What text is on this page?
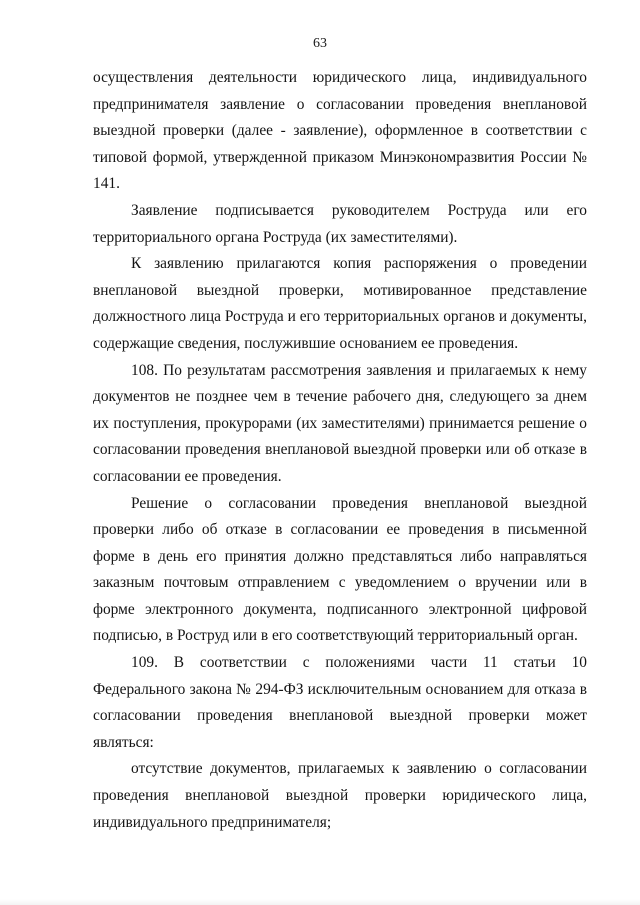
63

осуществления деятельности юридического лица, индивидуального предпринимателя заявление о согласовании проведения внеплановой выездной проверки (далее - заявление), оформленное в соответствии с типовой формой, утвержденной приказом Минэкономразвития России № 141.

Заявление подписывается руководителем Роструда или его территориального органа Роструда (их заместителями).

К заявлению прилагаются копия распоряжения о проведении внеплановой выездной проверки, мотивированное представление должностного лица Роструда и его территориальных органов и документы, содержащие сведения, послужившие основанием ее проведения.

108. По результатам рассмотрения заявления и прилагаемых к нему документов не позднее чем в течение рабочего дня, следующего за днем их поступления, прокурорами (их заместителями) принимается решение о согласовании проведения внеплановой выездной проверки или об отказе в согласовании ее проведения.

Решение о согласовании проведения внеплановой выездной проверки либо об отказе в согласовании ее проведения в письменной форме в день его принятия должно представляться либо направляться заказным почтовым отправлением с уведомлением о вручении или в форме электронного документа, подписанного электронной цифровой подписью, в Роструд или в его соответствующий территориальный орган.

109. В соответствии с положениями части 11 статьи 10 Федерального закона № 294-ФЗ исключительным основанием для отказа в согласовании проведения внеплановой выездной проверки может являться:

отсутствие документов, прилагаемых к заявлению о согласовании проведения внеплановой выездной проверки юридического лица, индивидуального предпринимателя;
